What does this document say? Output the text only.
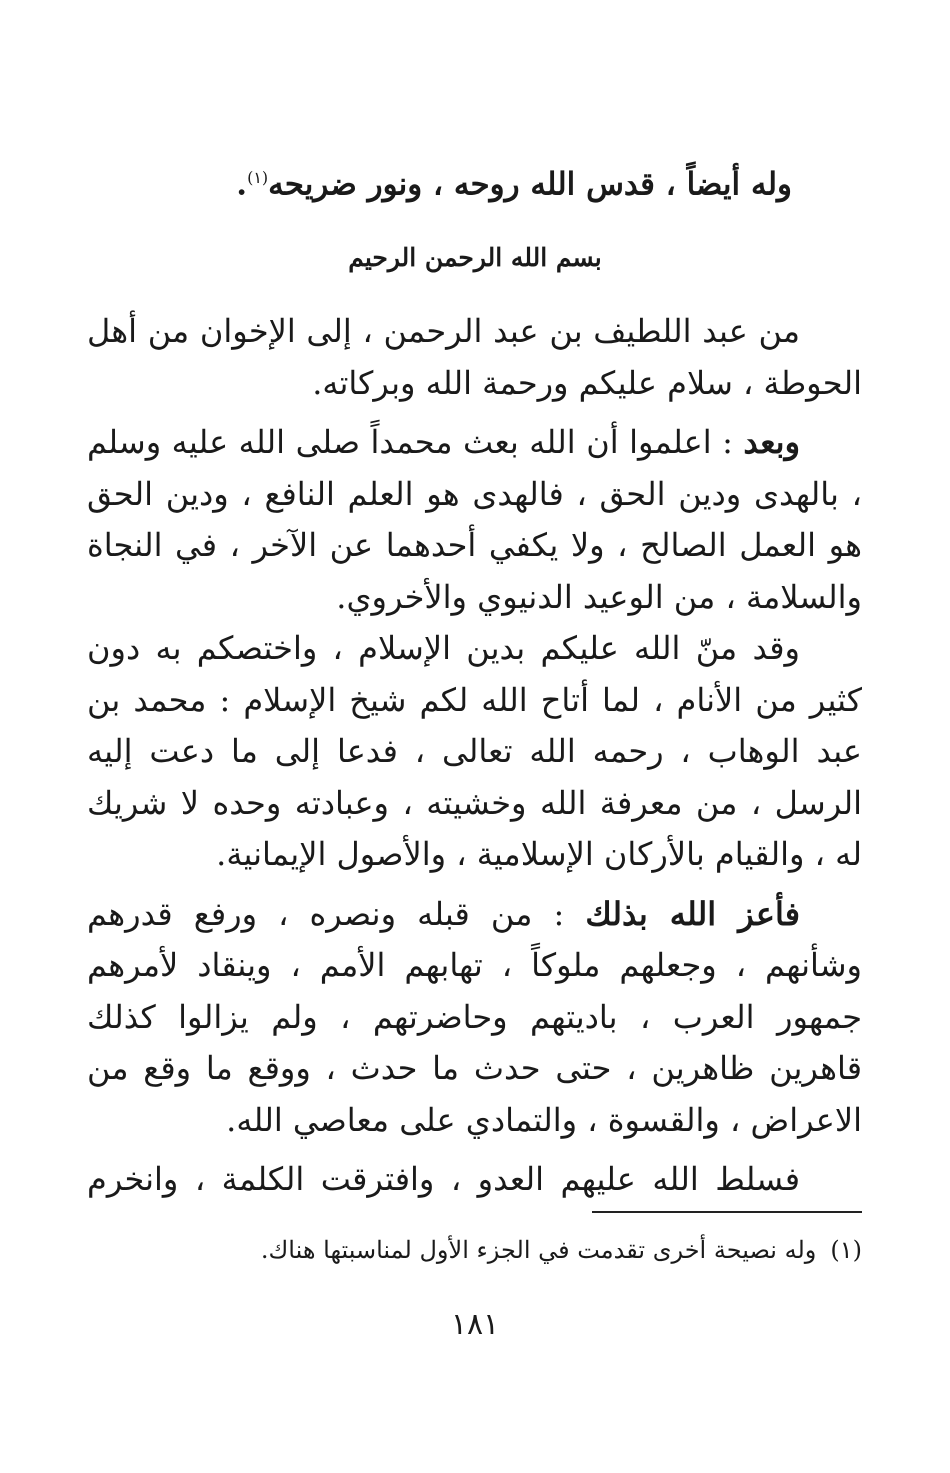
وله أيضاً ، قدس الله روحه ، ونور ضريحه$^{(١)}$.
بسم الله الرحمن الرحيم

من عبد اللطيف بن عبد الرحمن ، إلى الإخوان من أهل الحوطة ، سلام عليكم ورحمة الله وبركاته.

وبعد : اعلموا أن الله بعث محمداً صلى الله عليه وسلم ، بالهدى ودين الحق ، فالهدى هو العلم النافع ، ودين الحق هو العمل الصالح ، ولا يكفي أحدهما عن الآخر ، في النجاة والسلامة ، من الوعيد الدنيوي والأخروي.

وقد منّ الله عليكم بدين الإسلام ، واختصكم به دون كثير من الأنام ، لما أتاح الله لكم شيخ الإسلام : محمد بن عبد الوهاب ، رحمه الله تعالى ، فدعا إلى ما دعت إليه الرسل ، من معرفة الله وخشيته ، وعبادته وحده لا شريك له ، والقيام بالأركان الإسلامية ، والأصول الإيمانية.

فأعز الله بذلك : من قبله ونصره ، ورفع قدرهم وشأنهم ، وجعلهم ملوكاً ، تهابهم الأمم ، وينقاد لأمرهم جمهور العرب ، باديتهم وحاضرتهم ، ولم يزالوا كذلك قاهرين ظاهرين ، حتى حدث ما حدث ، ووقع ما وقع من الاعراض ، والقسوة ، والتمادي على معاصي الله.

فسلط الله عليهم العدو ، وافترقت الكلمة ، وانخرم

(١)وله نصيحة أخرى تقدمت في الجزء الأول لمناسبتها هناك.
١٨١
